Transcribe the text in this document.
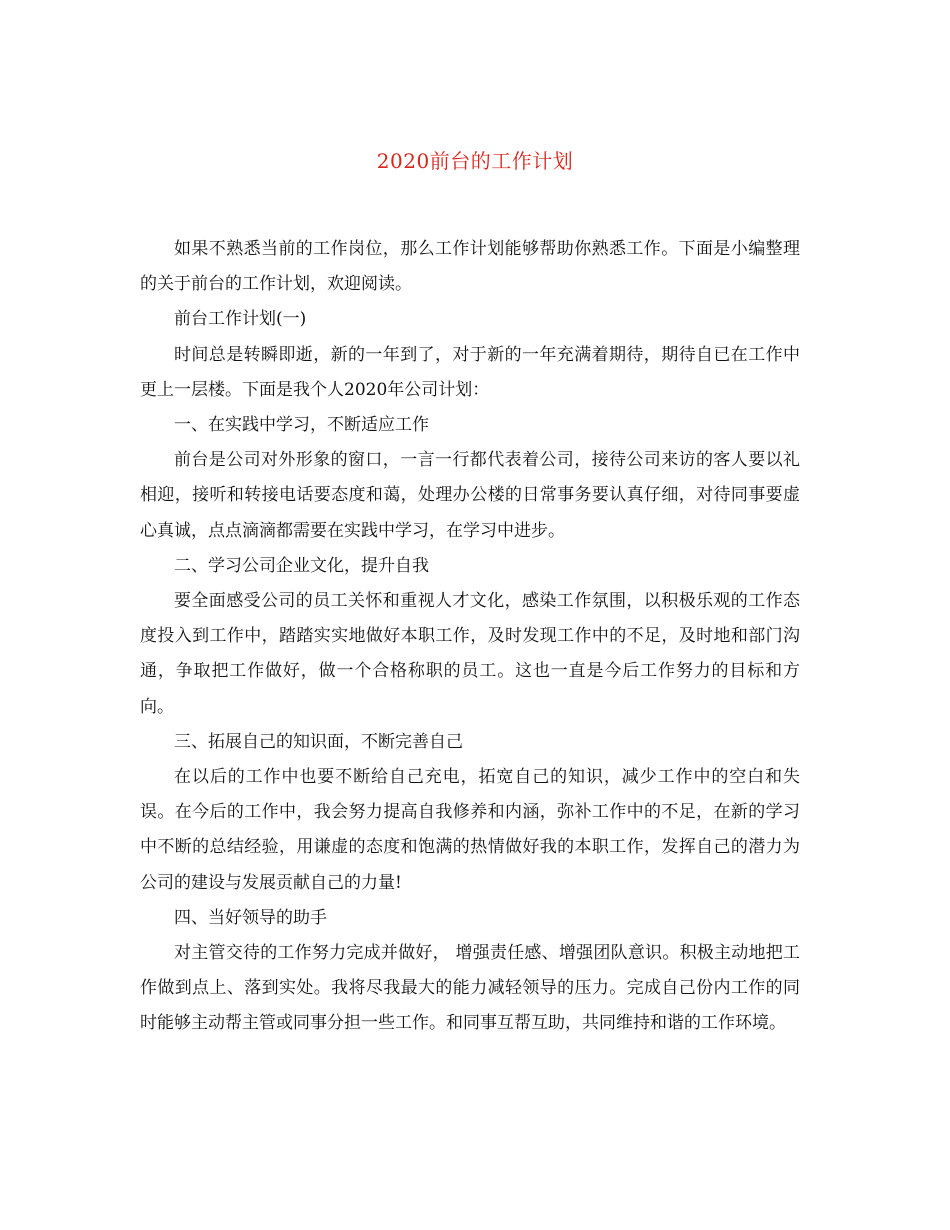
2020前台的工作计划

如果不熟悉当前的工作岗位，那么工作计划能够帮助你熟悉工作。下面是小编整理的关于前台的工作计划，欢迎阅读。

前台工作计划(一)

时间总是转瞬即逝，新的一年到了，对于新的一年充满着期待，期待自已在工作中更上一层楼。下面是我个人2020年公司计划：

一、在实践中学习，不断适应工作

前台是公司对外形象的窗口，一言一行都代表着公司，接待公司来访的客人要以礼相迎，接听和转接电话要态度和蔼，处理办公楼的日常事务要认真仔细，对待同事要虚心真诚，点点滴滴都需要在实践中学习，在学习中进步。

二、学习公司企业文化，提升自我

要全面感受公司的员工关怀和重视人才文化，感染工作氛围，以积极乐观的工作态度投入到工作中，踏踏实实地做好本职工作，及时发现工作中的不足，及时地和部门沟通，争取把工作做好，做一个合格称职的员工。这也一直是今后工作努力的目标和方向。

三、拓展自己的知识面，不断完善自己

在以后的工作中也要不断给自己充电，拓宽自己的知识，减少工作中的空白和失误。在今后的工作中，我会努力提高自我修养和内涵，弥补工作中的不足，在新的学习中不断的总结经验，用谦虚的态度和饱满的热情做好我的本职工作，发挥自己的潜力为公司的建设与发展贡献自己的力量!

四、当好领导的助手

对主管交待的工作努力完成并做好， 增强责任感、增强团队意识。积极主动地把工作做到点上、落到实处。我将尽我最大的能力减轻领导的压力。完成自己份内工作的同时能够主动帮主管或同事分担一些工作。和同事互帮互助，共同维持和谐的工作环境。
